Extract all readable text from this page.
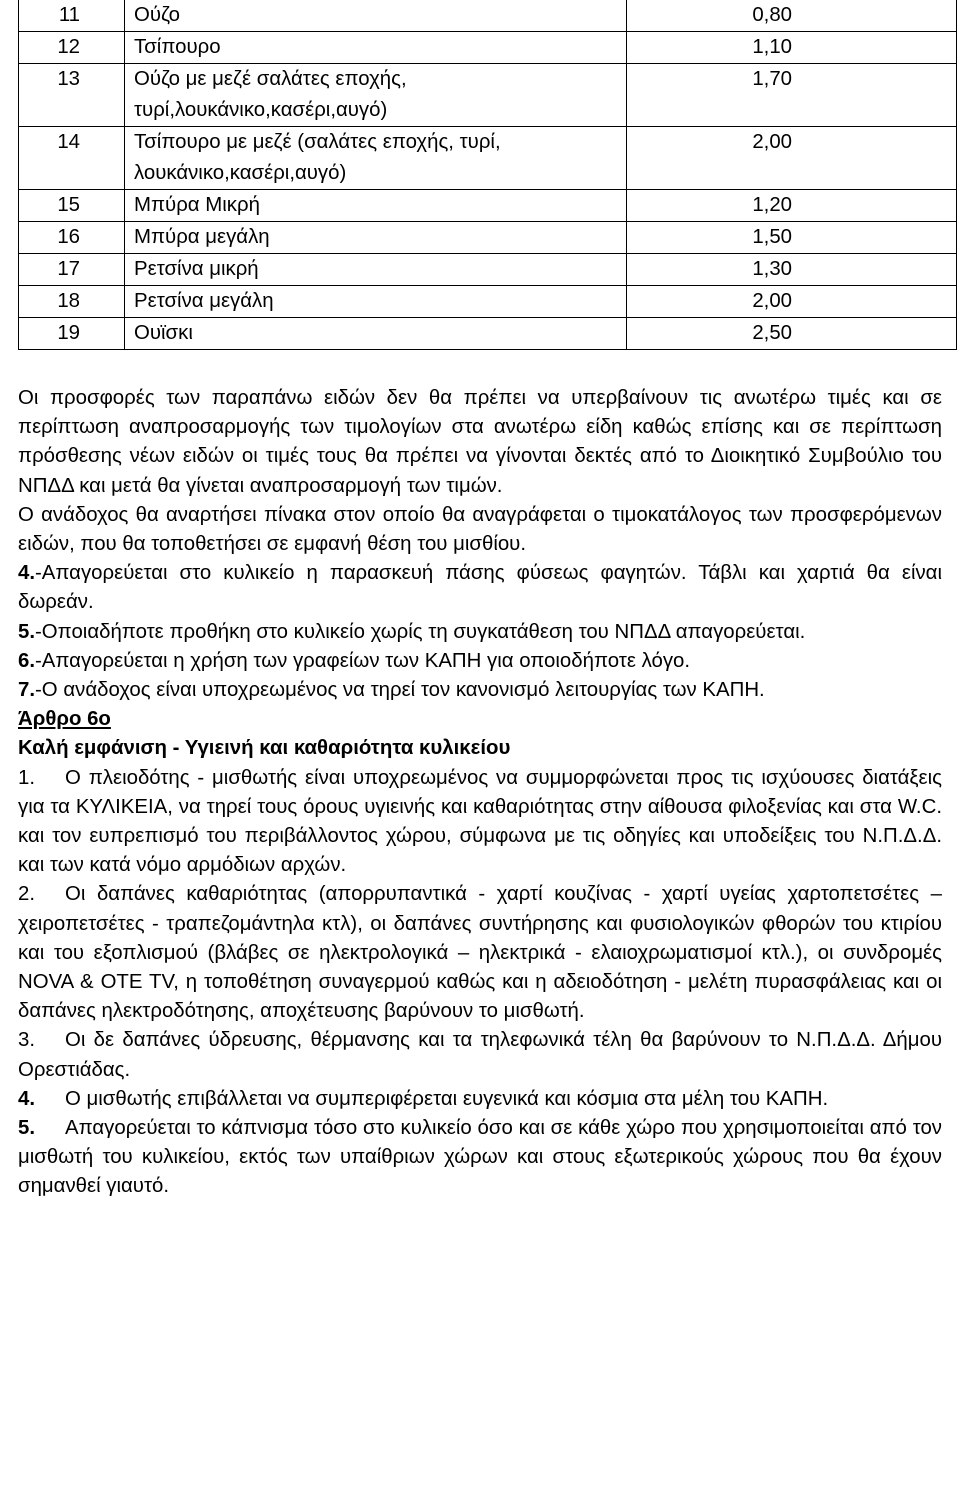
11	Ούζο	0,80
12	Τσίπουρο	1,10
13	Ούζο με μεζέ σαλάτες εποχής, τυρί,λουκάνικο,κασέρι,αυγό)	1,70
14	Τσίπουρο με μεζέ (σαλάτες εποχής, τυρί, λουκάνικο,κασέρι,αυγό)	2,00
15	Μπύρα Μικρή	1,20
16	Μπύρα μεγάλη	1,50
17	Ρετσίνα μικρή	1,30
18	Ρετσίνα μεγάλη	2,00
19	Ουϊσκι	2,50

Οι προσφορές των παραπάνω ειδών δεν θα πρέπει να υπερβαίνουν τις ανωτέρω τιμές και σε περίπτωση αναπροσαρμογής των τιμολογίων στα ανωτέρω είδη καθώς επίσης και σε περίπτωση πρόσθεσης νέων ειδών οι τιμές τους θα πρέπει να γίνονται δεκτές από το Διοικητικό Συμβούλιο του ΝΠΔΔ και μετά θα γίνεται αναπροσαρμογή των τιμών.

Ο ανάδοχος θα αναρτήσει πίνακα στον οποίο θα αναγράφεται ο τιμοκατάλογος των προσφερόμενων ειδών, που θα τοποθετήσει σε εμφανή θέση του μισθίου.

4.-Απαγορεύεται στο κυλικείο η παρασκευή πάσης φύσεως φαγητών. Τάβλι και χαρτιά θα είναι δωρεάν.

5.-Οποιαδήποτε προθήκη στο κυλικείο χωρίς τη συγκατάθεση του ΝΠΔΔ απαγορεύεται.

6.-Απαγορεύεται η χρήση των γραφείων των ΚΑΠΗ για οποιοδήποτε λόγο.

7.-Ο ανάδοχος είναι υποχρεωμένος να τηρεί τον κανονισμό λειτουργίας των ΚΑΠΗ.

Άρθρο 6ο

Καλή εμφάνιση - Υγιεινή και καθαριότητα κυλικείου

1. Ο πλειοδότης - μισθωτής είναι υποχρεωμένος να συμμορφώνεται προς τις ισχύουσες διατάξεις για τα ΚΥΛΙΚΕΙΑ, να τηρεί τους όρους υγιεινής και καθαριότητας στην αίθουσα φιλοξενίας και στα W.C. και τον ευπρεπισμό του περιβάλλοντος χώρου, σύμφωνα με τις οδηγίες και υποδείξεις του Ν.Π.Δ.Δ. και των κατά νόμο αρμόδιων αρχών.

2. Οι δαπάνες καθαριότητας (απορρυπαντικά - χαρτί κουζίνας - χαρτί υγείας χαρτοπετσέτες – χειροπετσέτες - τραπεζομάντηλα κτλ), οι δαπάνες συντήρησης και φυσιολογικών φθορών του κτιρίου και του εξοπλισμού (βλάβες σε ηλεκτρολογικά – ηλεκτρικά - ελαιοχρωματισμοί κτλ.), οι συνδρομές NOVA & OTE TV, η τοποθέτηση συναγερμού καθώς και η αδειοδότηση - μελέτη πυρασφάλειας και οι δαπάνες ηλεκτροδότησης, αποχέτευσης βαρύνουν το μισθωτή.

3. Οι δε δαπάνες ύδρευσης, θέρμανσης και τα τηλεφωνικά τέλη θα βαρύνουν το Ν.Π.Δ.Δ. Δήμου Ορεστιάδας.

4. Ο μισθωτής επιβάλλεται να συμπεριφέρεται ευγενικά και κόσμια στα μέλη του ΚΑΠΗ.

5. Απαγορεύεται το κάπνισμα τόσο στο κυλικείο όσο και σε κάθε χώρο που χρησιμοποιείται από τον μισθωτή του κυλικείου, εκτός των υπαίθριων χώρων και στους εξωτερικούς χώρους που θα έχουν σημανθεί γιαυτό.
